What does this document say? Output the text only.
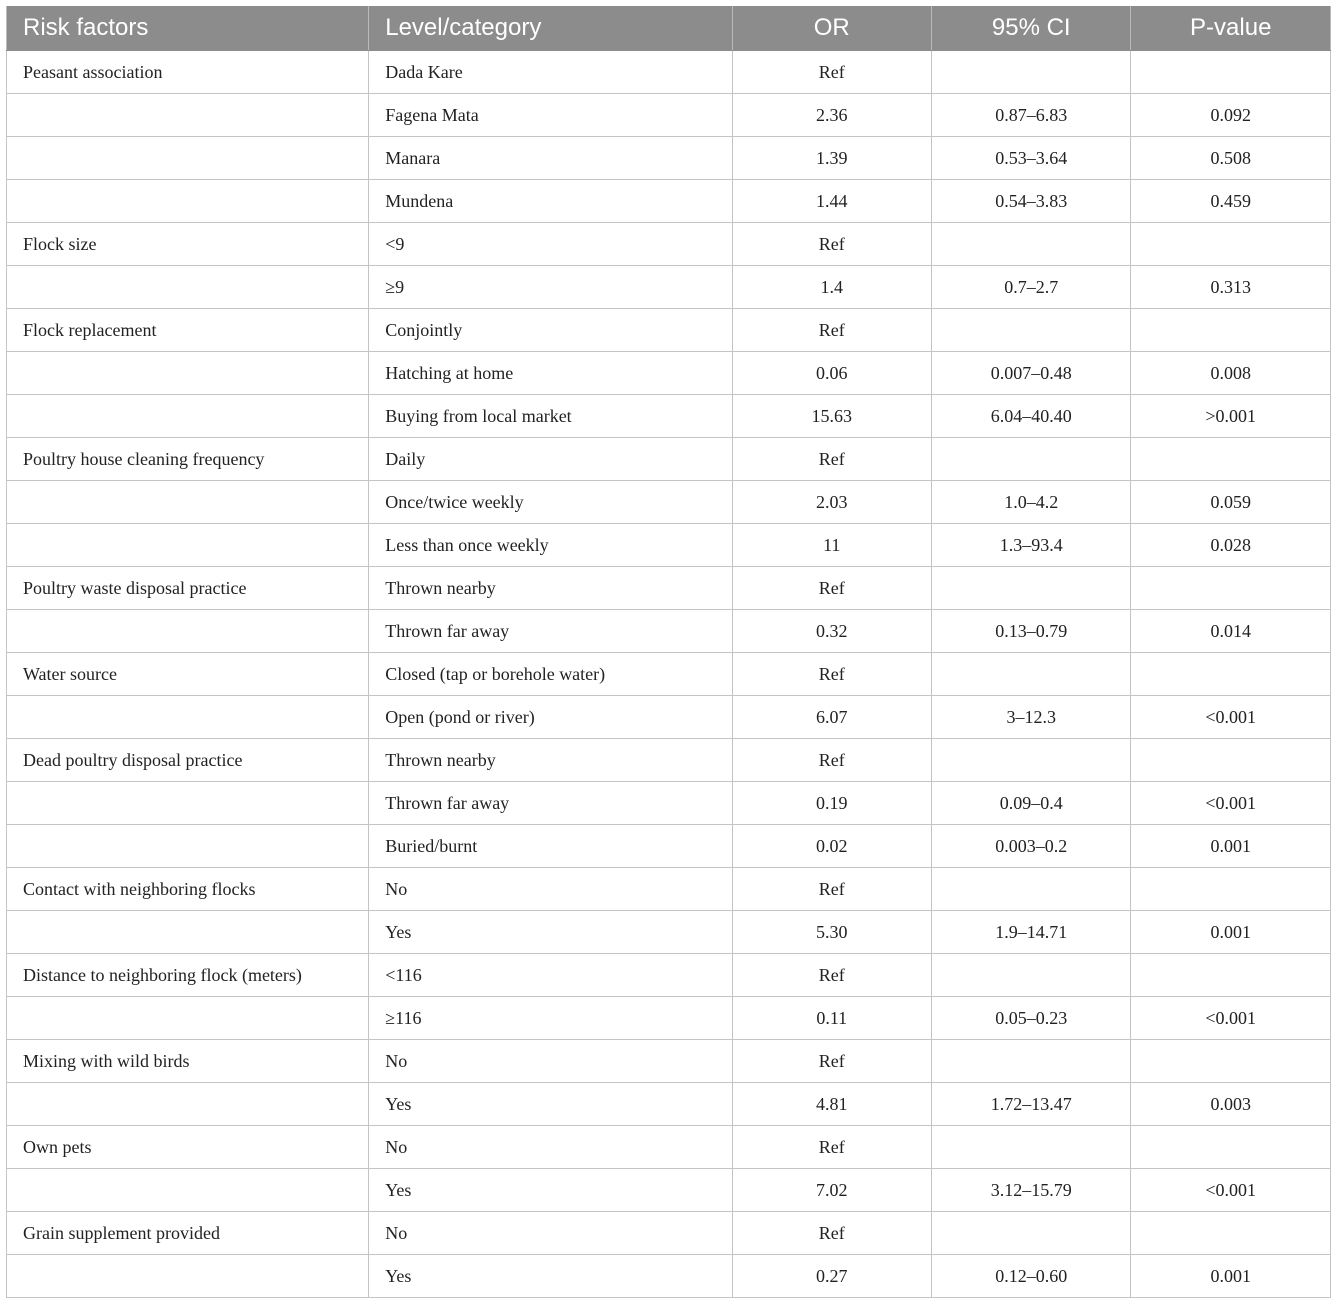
Risk factors	Level/category	OR	95% CI	P-value
Peasant association	Dada Kare	Ref		
	Fagena Mata	2.36	0.87–6.83	0.092
	Manara	1.39	0.53–3.64	0.508
	Mundena	1.44	0.54–3.83	0.459
Flock size	<9	Ref		
	≥9	1.4	0.7–2.7	0.313
Flock replacement	Conjointly	Ref		
	Hatching at home	0.06	0.007–0.48	0.008
	Buying from local market	15.63	6.04–40.40	>0.001
Poultry house cleaning frequency	Daily	Ref		
	Once/twice weekly	2.03	1.0–4.2	0.059
	Less than once weekly	11	1.3–93.4	0.028
Poultry waste disposal practice	Thrown nearby	Ref		
	Thrown far away	0.32	0.13–0.79	0.014
Water source	Closed (tap or borehole water)	Ref		
	Open (pond or river)	6.07	3–12.3	<0.001
Dead poultry disposal practice	Thrown nearby	Ref		
	Thrown far away	0.19	0.09–0.4	<0.001
	Buried/burnt	0.02	0.003–0.2	0.001
Contact with neighboring flocks	No	Ref		
	Yes	5.30	1.9–14.71	0.001
Distance to neighboring flock (meters)	<116	Ref		
	≥116	0.11	0.05–0.23	<0.001
Mixing with wild birds	No	Ref		
	Yes	4.81	1.72–13.47	0.003
Own pets	No	Ref		
	Yes	7.02	3.12–15.79	<0.001
Grain supplement provided	No	Ref		
	Yes	0.27	0.12–0.60	0.001
